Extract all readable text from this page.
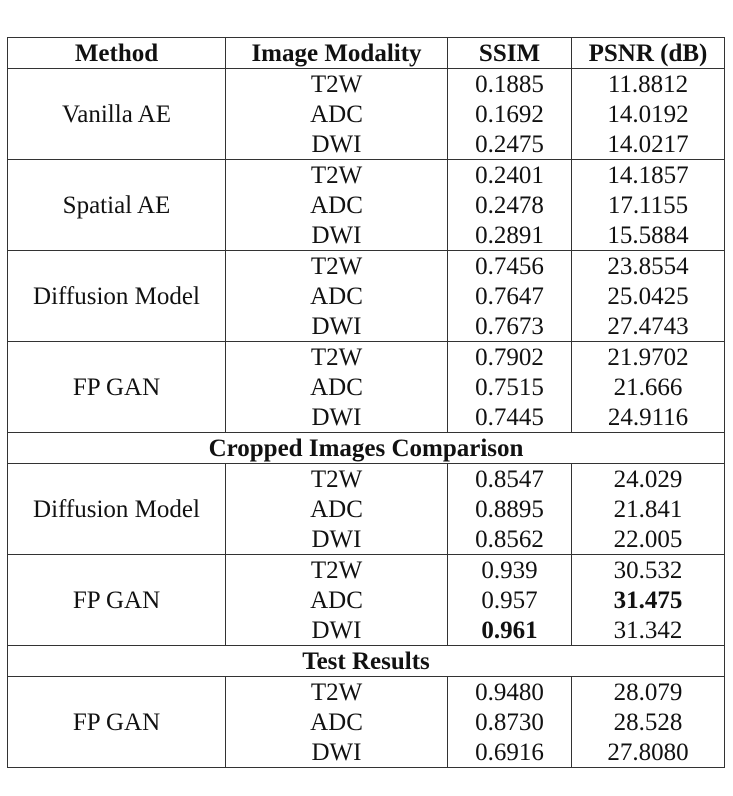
Method	Image Modality	SSIM	PSNR (dB)
Vanilla AE	T2W	0.1885	11.8812
	ADC	0.1692	14.0192
	DWI	0.2475	14.0217
Spatial AE	T2W	0.2401	14.1857
	ADC	0.2478	17.1155
	DWI	0.2891	15.5884
Diffusion Model	T2W	0.7456	23.8554
	ADC	0.7647	25.0425
	DWI	0.7673	27.4743
FP GAN	T2W	0.7902	21.9702
	ADC	0.7515	21.666
	DWI	0.7445	24.9116
Cropped Images Comparison			
Diffusion Model	T2W	0.8547	24.029
	ADC	0.8895	21.841
	DWI	0.8562	22.005
FP GAN	T2W	0.939	30.532
	ADC	0.957	31.475
	DWI	0.961	31.342
Test Results			
FP GAN	T2W	0.9480	28.079
	ADC	0.8730	28.528
	DWI	0.6916	27.8080
